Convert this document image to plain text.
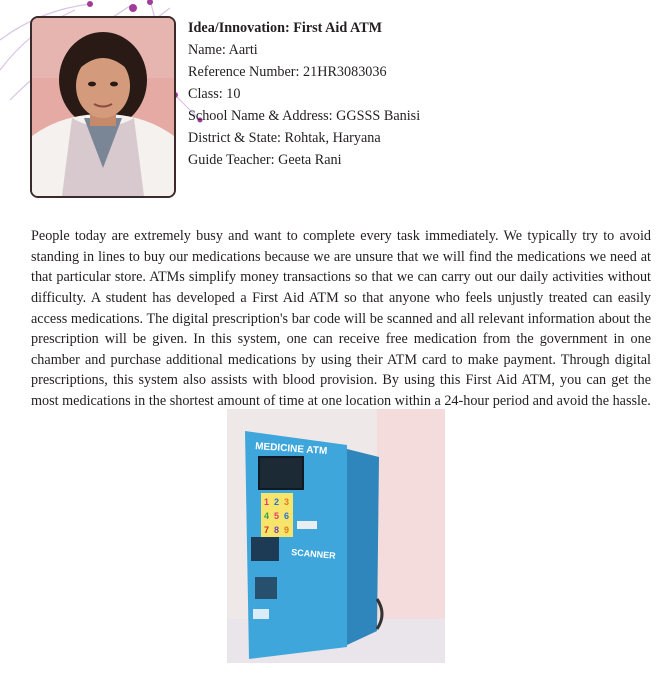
Idea/Innovation: First Aid ATM
Name: Aarti
Reference Number: 21HR3083036
Class: 10
School Name & Address: GGSSS Banisi
District & State: Rohtak, Haryana
Guide Teacher: Geeta Rani

People today are extremely busy and want to complete every task immediately. We typically try to avoid standing in lines to buy our medications because we are unsure that we will find the medications we need at that particular store. ATMs simplify money transactions so that we can carry out our daily activities without difficulty. A student has developed a First Aid ATM so that anyone who feels unjustly treated can easily access medications. The digital prescription's bar code will be scanned and all relevant information about the prescription will be given. In this system, one can receive free medication from the government in one chamber and purchase additional medications by using their ATM card to make payment. Through digital prescriptions, this system also assists with blood provision. By using this First Aid ATM, you can get the most medications in the shortest amount of time at one location within a 24-hour period and avoid the hassle.

MEDICINE ATM
1 2 3
4 5 6
7 8 9
SCANNER
